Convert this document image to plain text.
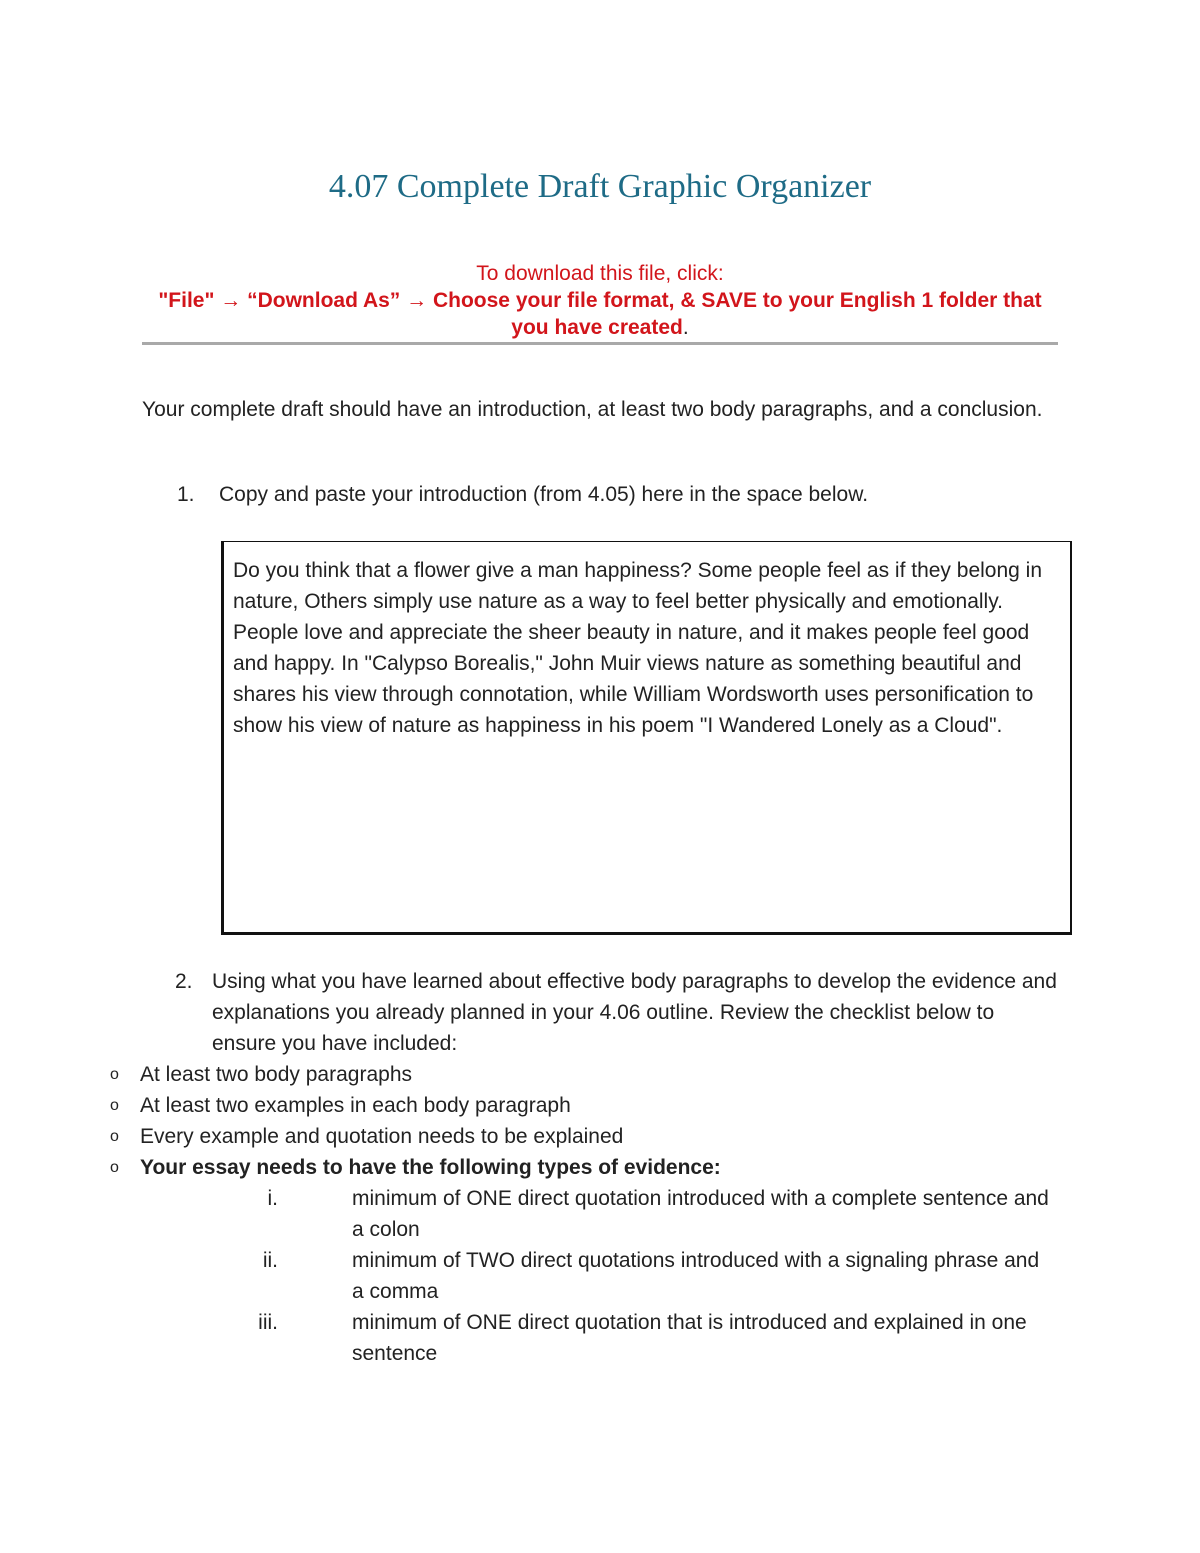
4.07 Complete Draft Graphic Organizer
To download this file, click:
"File" → “Download As” → Choose your file format, & SAVE to your English 1 folder that you have created.
Your complete draft should have an introduction, at least two body paragraphs, and a conclusion.
1. Copy and paste your introduction (from 4.05) here in the space below.
Do you think that a flower give a man happiness? Some people feel as if they belong in nature, Others simply use nature as a way to feel better physically and emotionally. People love and appreciate the sheer beauty in nature, and it makes people feel good and happy. In "Calypso Borealis," John Muir views nature as something beautiful and shares his view through connotation, while William Wordsworth uses personification to show his view of nature as happiness in his poem "I Wandered Lonely as a Cloud".
2. Using what you have learned about effective body paragraphs to develop the evidence and explanations you already planned in your 4.06 outline. Review the checklist below to ensure you have included:
o At least two body paragraphs
o At least two examples in each body paragraph
o Every example and quotation needs to be explained
o Your essay needs to have the following types of evidence:
i.	minimum of ONE direct quotation introduced with a complete sentence and a colon
ii.	minimum of TWO direct quotations introduced with a signaling phrase and a comma
iii.	minimum of ONE direct quotation that is introduced and explained in one sentence
